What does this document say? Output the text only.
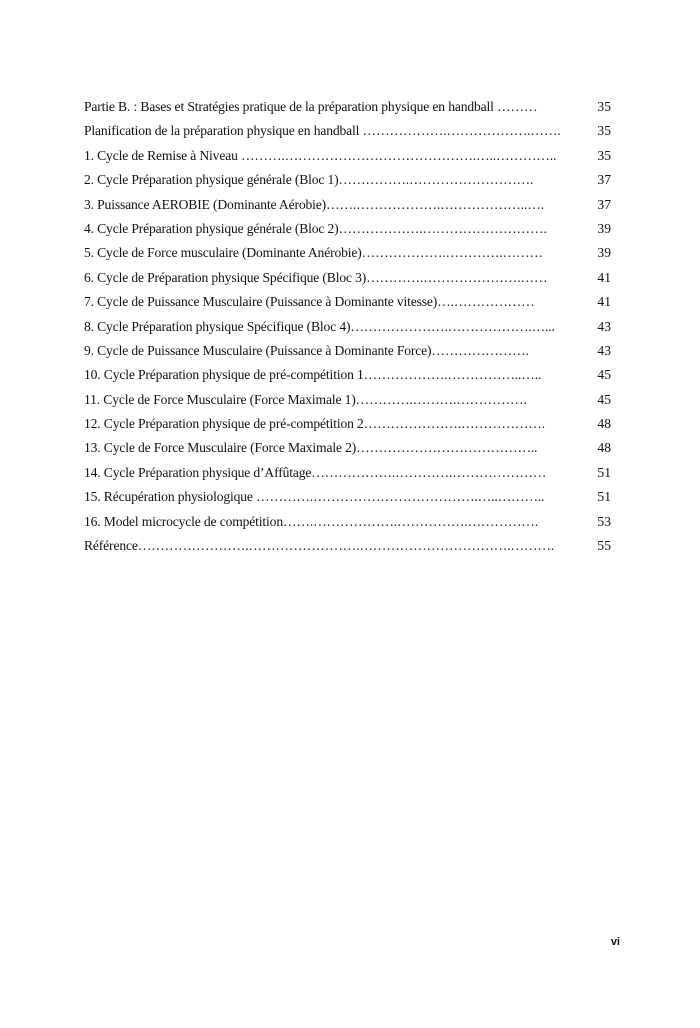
Partie B. : Bases et Stratégies pratique de la préparation physique en handball ………	35
Planification de la préparation physique en handball ……………….……………….…….	35
1. Cycle de Remise à Niveau ……….…………………………………….…..…………..	35
2. Cycle Préparation physique générale (Bloc 1)…………….……………………….	37
3. Puissance AEROBIE (Dominante Aérobie)…….……………….………………..….	37
4. Cycle Préparation physique générale (Bloc 2)……………….……………………….	39
5. Cycle de Force musculaire (Dominante Anérobie)……………….………….………	39
6. Cycle de Préparation physique Spécifique (Bloc 3)………….………………….……	41
7. Cycle de Puissance Musculaire (Puissance à Dominante vitesse)….………………	41
8. Cycle Préparation physique Spécifique (Bloc 4)………………….……………….…...	43
9. Cycle de Puissance Musculaire (Puissance à Dominante Force)………………….	43
10. Cycle Préparation physique de pré-compétition 1……………….……………..…..	45
11. Cycle de Force Musculaire (Force Maximale 1)………….……….…………….	45
12. Cycle Préparation physique de pré-compétition 2………………….……………….	48
13. Cycle de Force Musculaire (Force Maximale 2)…………………………………..	48
14. Cycle Préparation physique d’Affûtage……………….………….…………………	51
15. Récupération physiologique ………….……………………………….…..………..	51
16. Model microcycle de compétition…….……………….…………….…………….	53
Référence…………………….…………………….…………………………….……….	55
vi
